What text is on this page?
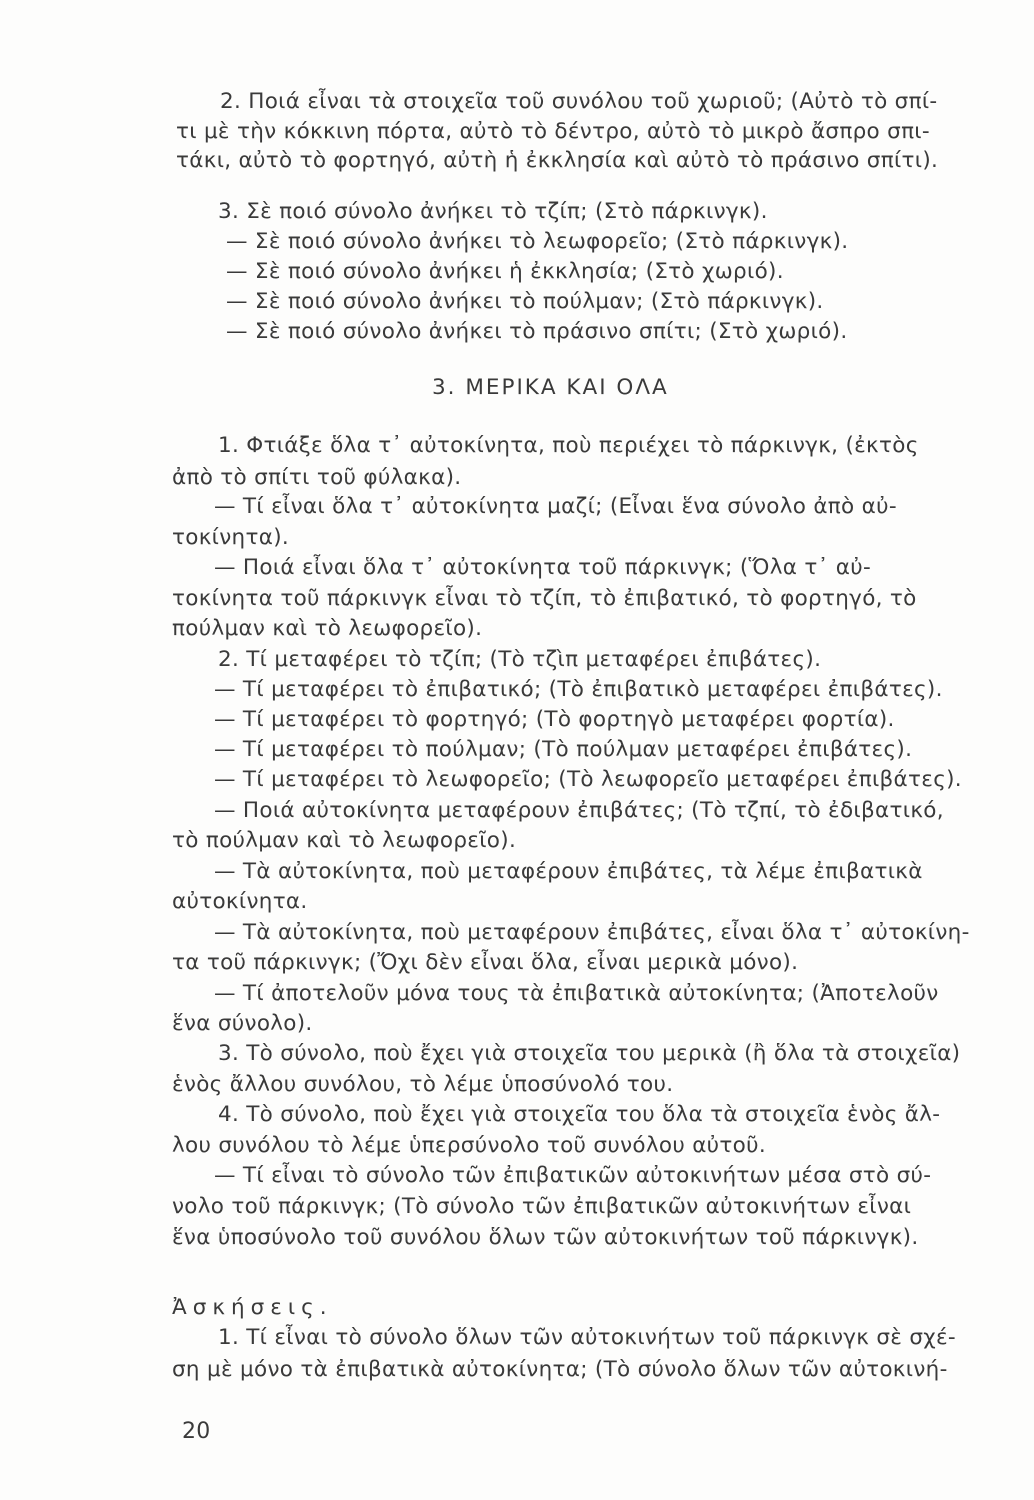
2. Ποιά εἶναι τὰ στοιχεῖα τοῦ συνόλου τοῦ χωριοῦ; (Αὐτὸ τὸ σπί-
τι μὲ τὴν κόκκινη πόρτα, αὐτὸ τὸ δέντρο, αὐτὸ τὸ μικρὸ ἄσπρο σπι-
τάκι, αὐτὸ τὸ φορτηγό, αὐτὴ ἡ ἐκκλησία καὶ αὐτὸ τὸ πράσινο σπίτι).
3. Σὲ ποιό σύνολο ἀνήκει τὸ τζίπ; (Στὸ πάρκινγκ).
— Σὲ ποιό σύνολο ἀνήκει τὸ λεωφορεῖο; (Στὸ πάρκινγκ).
— Σὲ ποιό σύνολο ἀνήκει ἡ ἐκκλησία; (Στὸ χωριό).
— Σὲ ποιό σύνολο ἀνήκει τὸ πούλμαν; (Στὸ πάρκινγκ).
— Σὲ ποιό σύνολο ἀνήκει τὸ πράσινο σπίτι; (Στὸ χωριό).
3. ΜΕΡΙΚΑ ΚΑΙ ΟΛΑ
1. Φτιάξε ὅλα τ᾽ αὐτοκίνητα, ποὺ περιέχει τὸ πάρκινγκ, (ἐκτὸς
ἀπὸ τὸ σπίτι τοῦ φύλακα).
— Τί εἶναι ὅλα τ᾽ αὐτοκίνητα μαζί; (Εἶναι ἕνα σύνολο ἀπὸ αὐ-
τοκίνητα).
— Ποιά εἶναι ὅλα τ᾽ αὐτοκίνητα τοῦ πάρκινγκ; (Ὅλα τ᾽ αὐ-
τοκίνητα τοῦ πάρκινγκ εἶναι τὸ τζίπ, τὸ ἐπιβατικό, τὸ φορτηγό, τὸ
πούλμαν καὶ τὸ λεωφορεῖο).
2. Τί μεταφέρει τὸ τζίπ; (Τὸ τζὶπ μεταφέρει ἐπιβάτες).
— Τί μεταφέρει τὸ ἐπιβατικό; (Τὸ ἐπιβατικὸ μεταφέρει ἐπιβάτες).
— Τί μεταφέρει τὸ φορτηγό; (Τὸ φορτηγὸ μεταφέρει φορτία).
— Τί μεταφέρει τὸ πούλμαν; (Τὸ πούλμαν μεταφέρει ἐπιβάτες).
— Τί μεταφέρει τὸ λεωφορεῖο; (Τὸ λεωφορεῖο μεταφέρει ἐπιβάτες).
— Ποιά αὐτοκίνητα μεταφέρουν ἐπιβάτες; (Τὸ τζπί, τὸ ἐδιβατικό,
τὸ πούλμαν καὶ τὸ λεωφορεῖο).
— Τὰ αὐτοκίνητα, ποὺ μεταφέρουν ἐπιβάτες, τὰ λέμε ἐπιβατικὰ
αὐτοκίνητα.
— Τὰ αὐτοκίνητα, ποὺ μεταφέρουν ἐπιβάτες, εἶναι ὅλα τ᾽ αὐτοκίνη-
τα τοῦ πάρκινγκ; (Ὄχι δὲν εἶναι ὅλα, εἶναι μερικὰ μόνο).
— Τί ἀποτελοῦν μόνα τους τὰ ἐπιβατικὰ αὐτοκίνητα; (Ἀποτελοῦν
ἕνα σύνολο).
3. Τὸ σύνολο, ποὺ ἔχει γιὰ στοιχεῖα του μερικὰ (ἢ ὅλα τὰ στοιχεῖα)
ἑνὸς ἄλλου συνόλου, τὸ λέμε ὑποσύνολό του.
4. Τὸ σύνολο, ποὺ ἔχει γιὰ στοιχεῖα του ὅλα τὰ στοιχεῖα ἑνὸς ἄλ-
λου συνόλου τὸ λέμε ὑπερσύνολο τοῦ συνόλου αὐτοῦ.
— Τί εἶναι τὸ σύνολο τῶν ἐπιβατικῶν αὐτοκινήτων μέσα στὸ σύ-
νολο τοῦ πάρκινγκ; (Τὸ σύνολο τῶν ἐπιβατικῶν αὐτοκινήτων εἶναι
ἕνα ὑποσύνολο τοῦ συνόλου ὅλων τῶν αὐτοκινήτων τοῦ πάρκινγκ).
Ἀσκήσεις.
1. Τί εἶναι τὸ σύνολο ὅλων τῶν αὐτοκινήτων τοῦ πάρκινγκ σὲ σχέ-
ση μὲ μόνο τὰ ἐπιβατικὰ αὐτοκίνητα; (Τὸ σύνολο ὅλων τῶν αὐτοκινή-
20
